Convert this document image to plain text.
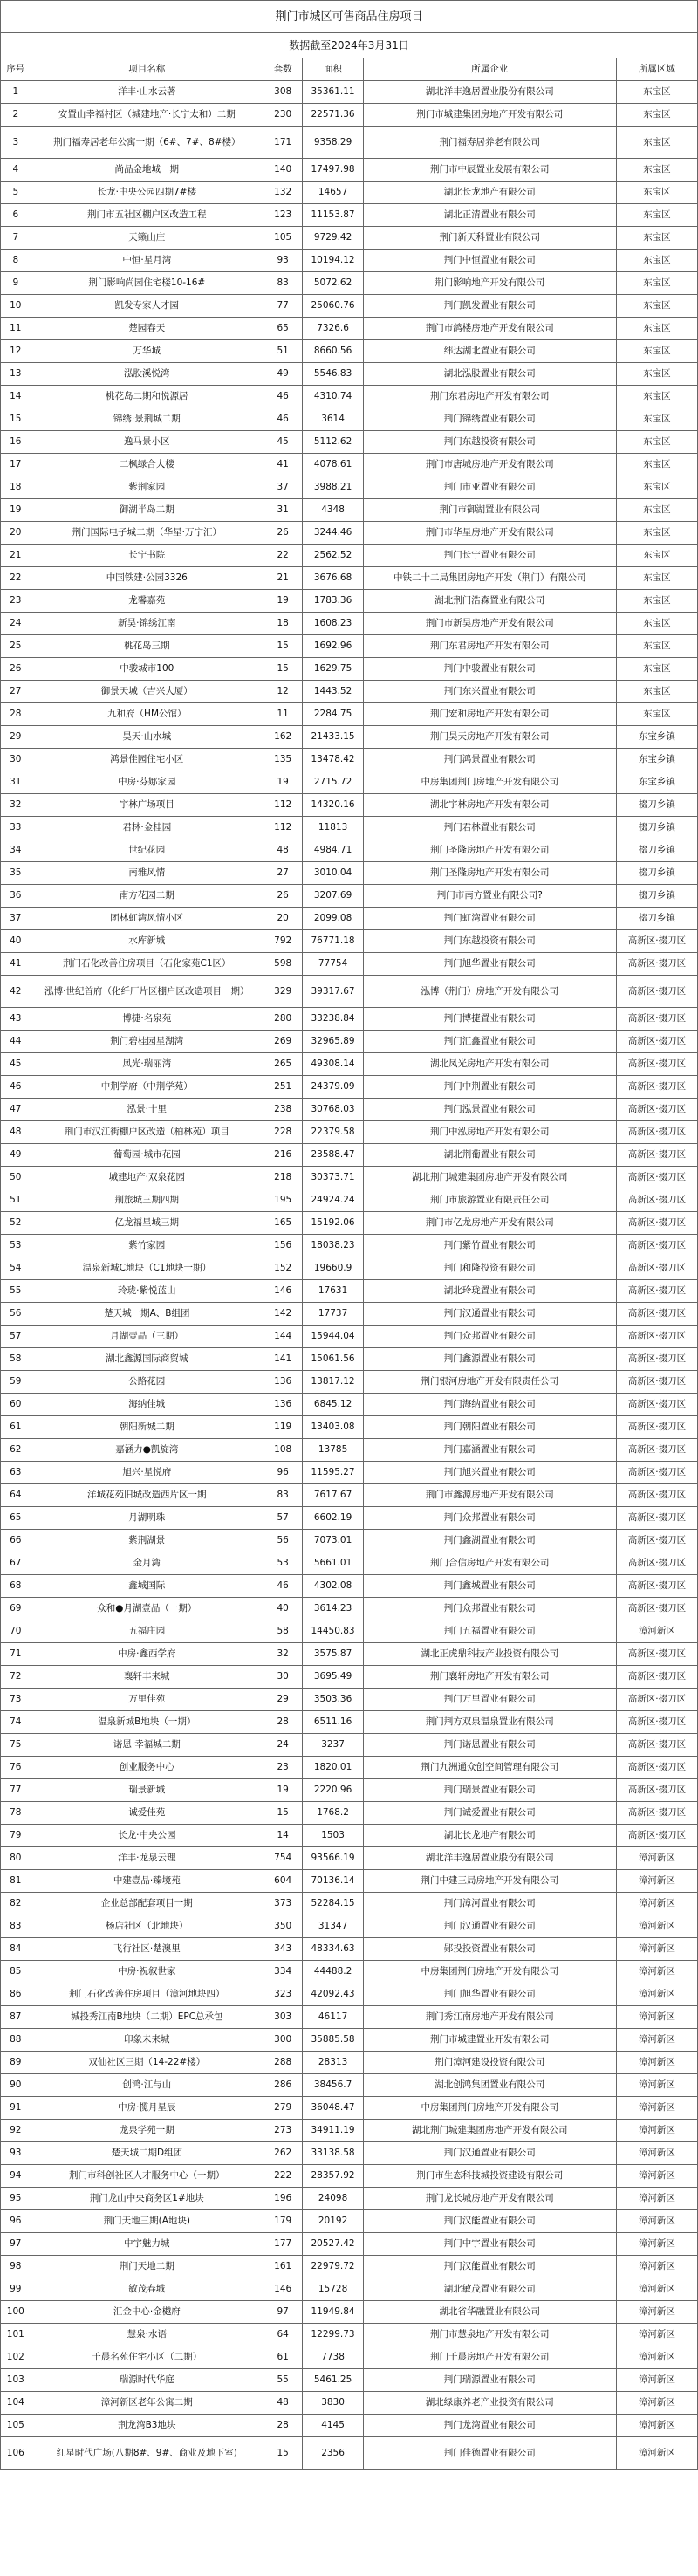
荆门市城区可售商品住房项目					
数据截至2024年3月31日					
序号	项目名称	套数	面积	所属企业	所属区域
1	洋丰·山水云著	308	35361.11	湖北洋丰逸居置业股份有限公司	东宝区
2	安置山幸福村区（城建地产·长宁太和）二期	230	22571.36	荆门市城建集团房地产开发有限公司	东宝区
3	荆门福寿居老年公寓一期（6#、7#、8#楼）	171	9358.29	荆门福寿居养老有限公司	东宝区
4	尚品金地城一期	140	17497.98	荆门市中辰置业发展有限公司	东宝区
5	长龙·中央公园四期7#楼	132	14657	湖北长龙地产有限公司	东宝区
6	荆门市五社区棚户区改造工程	123	11153.87	湖北正清置业有限公司	东宝区
7	天籁山庄	105	9729.42	荆门新天科置业有限公司	东宝区
8	中恒·星月湾	93	10194.12	荆门中恒置业有限公司	东宝区
9	荆门影响尚园住宅楼10-16#	83	5072.62	荆门影响地产开发有限公司	东宝区
10	凯发专家人才园	77	25060.76	荆门凯发置业有限公司	东宝区
11	楚园春天	65	7326.6	荆门市鸽楼房地产开发有限公司	东宝区
12	万华城	51	8660.56	纬达湖北置业有限公司	东宝区
13	泓股溪悦湾	49	5546.83	湖北泓股置业有限公司	东宝区
14	桃花岛二期和悦源居	46	4310.74	荆门东君房地产开发有限公司	东宝区
15	锦绣·景荆城二期	46	3614	荆门锦绣置业有限公司	东宝区
16	逸马景小区	45	5112.62	荆门东越投资有限公司	东宝区
17	二枫绿合大楼	41	4078.61	荆门市唐城房地产开发有限公司	东宝区
18	紫荆家园	37	3988.21	荆门市亚置业有限公司	东宝区
19	御湖半岛二期	31	4348	荆门市御湖置业有限公司	东宝区
20	荆门国际电子城二期（华星·万宁汇）	26	3244.46	荆门市华星房地产开发有限公司	东宝区
21	长宁书院	22	2562.52	荆门长宁置业有限公司	东宝区
22	中国铁建·公园3326	21	3676.68	中铁二十二局集团房地产开发（荆门）有限公司	东宝区
23	龙馨嘉苑	19	1783.36	湖北荆门浩森置业有限公司	东宝区
24	新昊·锦绣江南	18	1608.23	荆门市新昊房地产开发有限公司	东宝区
25	桃花岛三期	15	1692.96	荆门东君房地产开发有限公司	东宝区
26	中骏城市100	15	1629.75	荆门中骏置业有限公司	东宝区
27	御景天城（吉兴大厦）	12	1443.52	荆门东兴置业有限公司	东宝区
28	九和府（HM公馆）	11	2284.75	荆门宏和房地产开发有限公司	东宝区
29	昊天·山水城	162	21433.15	荆门昊天房地产开发有限公司	东宝乡镇
30	鸿景佳园住宅小区	135	13478.42	荆门鸿景置业有限公司	东宝乡镇
31	中房·芬娜家园	19	2715.72	中房集团荆门房地产开发有限公司	东宝乡镇
32	宇林广场项目	112	14320.16	湖北宇林房地产开发有限公司	掇刀乡镇
33	君林·金桂园	112	11813	荆门君林置业有限公司	掇刀乡镇
34	世纪花园	48	4984.71	荆门圣隆房地产开发有限公司	掇刀乡镇
35	南雅风情	27	3010.04	荆门圣隆房地产开发有限公司	掇刀乡镇
36	南方花园二期	26	3207.69	荆门市南方置业有限公司?	掇刀乡镇
37	团林虹湾风情小区	20	2099.08	荆门虹湾置业有限公司	掇刀乡镇
40	水库新城	792	76771.18	荆门东越投资有限公司	高新区·掇刀区
41	荆门石化改善住房项目（石化家苑C1区）	598	77754	荆门旭华置业有限公司	高新区·掇刀区
42	泓博·世纪首府（化纤厂片区棚户区改造项目一期）	329	39317.67	泓博（荆门）房地产开发有限公司	高新区·掇刀区
43	博捷·名泉苑	280	33238.84	荆门博捷置业有限公司	高新区·掇刀区
44	荆门碧桂园星湖湾	269	32965.89	荆门汇鑫置业有限公司	高新区·掇刀区
45	凤光·瑞丽湾	265	49308.14	湖北凤光房地产开发有限公司	高新区·掇刀区
46	中荆学府（中荆学苑）	251	24379.09	荆门中荆置业有限公司	高新区·掇刀区
47	泓景·十里	238	30768.03	荆门泓景置业有限公司	高新区·掇刀区
48	荆门市汉江街棚户区改造（柏林苑）项目	228	22379.58	荆门中泓房地产开发有限公司	高新区·掇刀区
49	葡萄园·城市花园	216	23588.47	湖北荆葡置业有限公司	高新区·掇刀区
50	城建地产·双泉花园	218	30373.71	湖北荆门城建集团房地产开发有限公司	高新区·掇刀区
51	荆旅城三期四期	195	24924.24	荆门市旅游置业有限责任公司	高新区·掇刀区
52	亿龙福星城三期	165	15192.06	荆门市亿龙房地产开发有限公司	高新区·掇刀区
53	紫竹家园	156	18038.23	荆门紫竹置业有限公司	高新区·掇刀区
54	温泉新城C地块（C1地块一期）	152	19660.9	荆门和隆投资有限公司	高新区·掇刀区
55	玲珑·紫悦蓝山	146	17631	湖北玲珑置业有限公司	高新区·掇刀区
56	楚天城一期A、B组团	142	17737	荆门汉通置业有限公司	高新区·掇刀区
57	月湖壹品（三期）	144	15944.04	荆门众邦置业有限公司	高新区·掇刀区
58	湖北鑫源国际商贸城	141	15061.56	荆门鑫源置业有限公司	高新区·掇刀区
59	公路花园	136	13817.12	荆门银河房地产开发有限责任公司	高新区·掇刀区
60	海纳佳城	136	6845.12	荆门海纳置业有限公司	高新区·掇刀区
61	朝阳新城二期	119	13403.08	荆门朝阳置业有限公司	高新区·掇刀区
62	嘉涵力●凯旋湾	108	13785	荆门嘉涵置业有限公司	高新区·掇刀区
63	旭兴·星悦府	96	11595.27	荆门旭兴置业有限公司	高新区·掇刀区
64	洋城花苑旧城改造西片区一期	83	7617.67	荆门市鑫源房地产开发有限公司	高新区·掇刀区
65	月湖明珠	57	6602.19	荆门众邦置业有限公司	高新区·掇刀区
66	紫荆湖景	56	7073.01	荆门鑫湖置业有限公司	高新区·掇刀区
67	金月湾	53	5661.01	荆门合信房地产开发有限公司	高新区·掇刀区
68	鑫城国际	46	4302.08	荆门鑫城置业有限公司	高新区·掇刀区
69	众和●月湖壹品（一期）	40	3614.23	荆门众邦置业有限公司	高新区·掇刀区
70	五福庄园	58	14450.83	荆门五福置业有限公司	漳河新区
71	中房·鑫西学府	32	3575.87	湖北正虎鼎科技产业投资有限公司	高新区·掇刀区
72	襄轩丰来城	30	3695.49	荆门襄轩房地产开发有限公司	高新区·掇刀区
73	万里佳苑	29	3503.36	荆门万里置业有限公司	高新区·掇刀区
74	温泉新城B地块（一期）	28	6511.16	荆门荆方双泉温泉置业有限公司	高新区·掇刀区
75	诺恩·幸福城二期	24	3237	荆门诺恩置业有限公司	高新区·掇刀区
76	创业服务中心	23	1820.01	荆门九洲通众创空间管理有限公司	高新区·掇刀区
77	瑞景新城	19	2220.96	荆门瑞景置业有限公司	高新区·掇刀区
78	诚爱佳苑	15	1768.2	荆门诚爱置业有限公司	高新区·掇刀区
79	长龙·中央公园	14	1503	湖北长龙地产有限公司	高新区·掇刀区
80	洋丰·龙泉云理	754	93566.19	湖北洋丰逸居置业股份有限公司	漳河新区
81	中建壹品·臻境苑	604	70136.14	荆门中建三局房地产开发有限公司	漳河新区
82	企业总部配套项目一期	373	52284.15	荆门漳河置业有限公司	漳河新区
83	杨店社区（北地块）	350	31347	荆门汉通置业有限公司	漳河新区
84	飞行社区·楚澳里	343	48334.63	郧投投资置业有限公司	漳河新区
85	中房·祝叙世家	334	44488.2	中房集团荆门房地产开发有限公司	漳河新区
86	荆门石化改善住房项目（漳河地块四）	323	42092.43	荆门旭华置业有限公司	漳河新区
87	城投秀江南B地块（二期）EPC总承包	303	46117	荆门秀江南房地产开发有限公司	漳河新区
88	印象未来城	300	35885.58	荆门市城建置业开发有限公司	漳河新区
89	双仙社区三期（14-22#楼）	288	28313	荆门漳河建设投资有限公司	漳河新区
90	创鸿·江与山	286	38456.7	湖北创鸿集团置业有限公司	漳河新区
91	中房·揽月星辰	279	36048.47	中房集团荆门房地产开发有限公司	漳河新区
92	龙泉学苑一期	273	34911.19	湖北荆门城建集团房地产开发有限公司	漳河新区
93	楚天城二期D组团	262	33138.58	荆门汉通置业有限公司	漳河新区
94	荆门市科创社区人才服务中心（一期）	222	28357.92	荆门市生态科技城投资建设有限公司	漳河新区
95	荆门龙山中央商务区1#地块	196	24098	荆门龙长城房地产开发有限公司	漳河新区
96	荆门天地三期(A地块)	179	20192	荆门汉能置业有限公司	漳河新区
97	中宇魅力城	177	20527.42	荆门中宇置业有限公司	漳河新区
98	荆门天地二期	161	22979.72	荆门汉能置业有限公司	漳河新区
99	敏茂春城	146	15728	湖北敏茂置业有限公司	漳河新区
100	汇金中心·金樾府	97	11949.84	湖北省华融置业有限公司	漳河新区
101	慧泉·水语	64	12299.73	荆门市慧泉地产开发有限公司	漳河新区
102	千晨名苑住宅小区（二期）	61	7738	荆门千晨房地产开发有限公司	漳河新区
103	瑞源时代华庭	55	5461.25	荆门瑞源置业有限公司	漳河新区
104	漳河新区老年公寓二期	48	3830	湖北绿康养老产业投资有限公司	漳河新区
105	荆龙湾B3地块	28	4145	荆门龙湾置业有限公司	漳河新区
106	红星时代广场(八期8#、9#、商业及地下室)	15	2356	荆门佳德置业有限公司	漳河新区
